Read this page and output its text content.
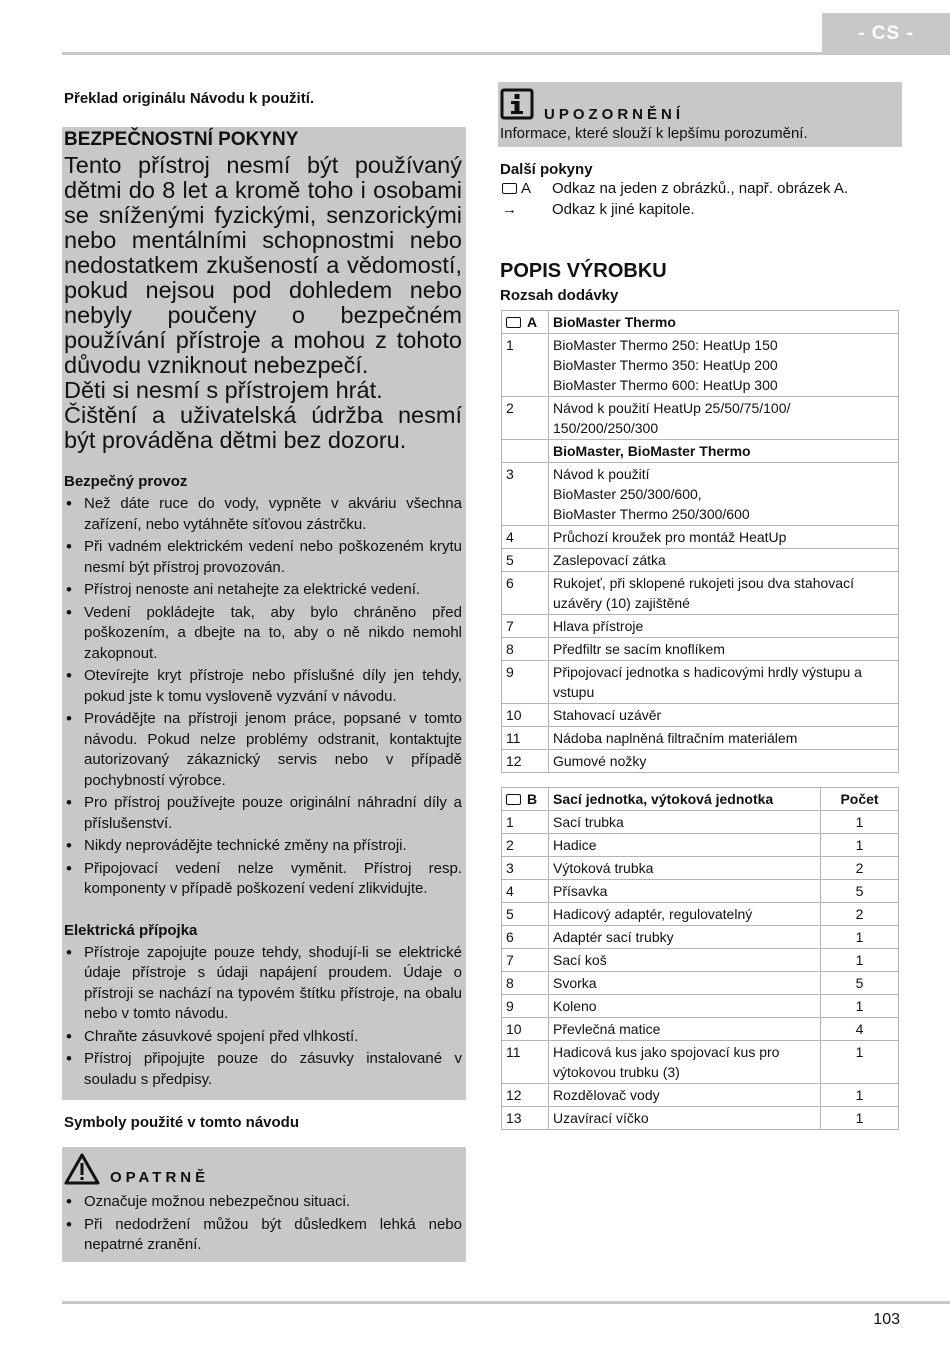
- CS -
Překlad originálu Návodu k použití.
BEZPEČNOSTNÍ POKYNY

Tento přístroj nesmí být používaný dětmi do 8 let a kromě toho i osobami se sníženými fyzickými, senzorickými nebo mentálními schopnostmi nebo nedostatkem zkušeností a vědomostí, pokud nejsou pod dohledem nebo nebyly poučeny o bezpečném používání přístroje a mohou z tohoto důvodu vzniknout nebezpečí.

Děti si nesmí s přístrojem hrát.

Čištění a uživatelská údržba nesmí být prováděna dětmi bez dozoru.

Bezpečný provoz
• Než dáte ruce do vody, vypněte v akváriu všechna zařízení, nebo vytáhněte síťovou zástrčku.
• Při vadném elektrickém vedení nebo poškozeném krytu nesmí být přístroj provozován.
• Přístroj nenoste ani netahejte za elektrické vedení.
• Vedení pokládejte tak, aby bylo chráněno před poškozením, a dbejte na to, aby o ně nikdo nemohl zakopnout.
• Otevírejte kryt přístroje nebo příslušné díly jen tehdy, pokud jste k tomu vysloveně vyzvání v návodu.
• Provádějte na přístroji jenom práce, popsané v tomto návodu. Pokud nelze problémy odstranit, kontaktujte autorizovaný zákaznický servis nebo v případě pochybností výrobce.
• Pro přístroj používejte pouze originální náhradní díly a příslušenství.
• Nikdy neprovádějte technické změny na přístroji.
• Připojovací vedení nelze vyměnit. Přístroj resp. komponenty v případě poškození vedení zlikvidujte.
Elektrická přípojka
• Přístroje zapojujte pouze tehdy, shodují-li se elektrické údaje přístroje s údaji napájení proudem. Údaje o přístroji se nachází na typovém štítku přístroje, na obalu nebo v tomto návodu.
• Chraňte zásuvkové spojení před vlhkostí.
• Přístroj připojujte pouze do zásuvky instalované v souladu s předpisy.
Symboly použité v tomto návodu
OPATRNĚ
• Označuje možnou nebezpečnou situaci.
• Při nedodržení můžou být důsledkem lehká nebo nepatrné zranění.
UPOZORNĚNÍ
Informace, které slouží k lepšímu porozumění.
Další pokyny
A Odkaz na jeden z obrázků., např. obrázek A.
→	Odkaz k jiné kapitole.
POPIS VÝROBKU
Rozsah dodávky
A	BioMaster Thermo
1	BioMaster Thermo 250: HeatUp 150
BioMaster Thermo 350: HeatUp 200
BioMaster Thermo 600: HeatUp 300
2	Návod k použití HeatUp 25/50/75/100/
150/200/250/300
	BioMaster, BioMaster Thermo
3	Návod k použití
BioMaster 250/300/600,
BioMaster Thermo 250/300/600
4	Průchozí kroužek pro montáž HeatUp
5	Zaslepovací zátka
6	Rukojeť, při sklopené rukojeti jsou dva stahovací uzávěry (10) zajištěné
7	Hlava přístroje
8	Předfiltr se sacím knoflíkem
9	Připojovací jednotka s hadicovými hrdly výstupu a vstupu
10	Stahovací uzávěr
11	Nádoba naplněná filtračním materiálem
12	Gumové nožky
B	Sací jednotka, výtoková jednotka	Počet
1	Sací trubka	1
2	Hadice	1
3	Výtoková trubka	2
4	Přísavka	5
5	Hadicový adaptér, regulovatelný	2
6	Adaptér sací trubky	1
7	Sací koš	1
8	Svorka	5
9	Koleno	1
10	Převlečná matice	4
11	Hadicová kus jako spojovací kus pro výtokovou trubku (3)	1
12	Rozdělovač vody	1
13	Uzavírací víčko	1
103
